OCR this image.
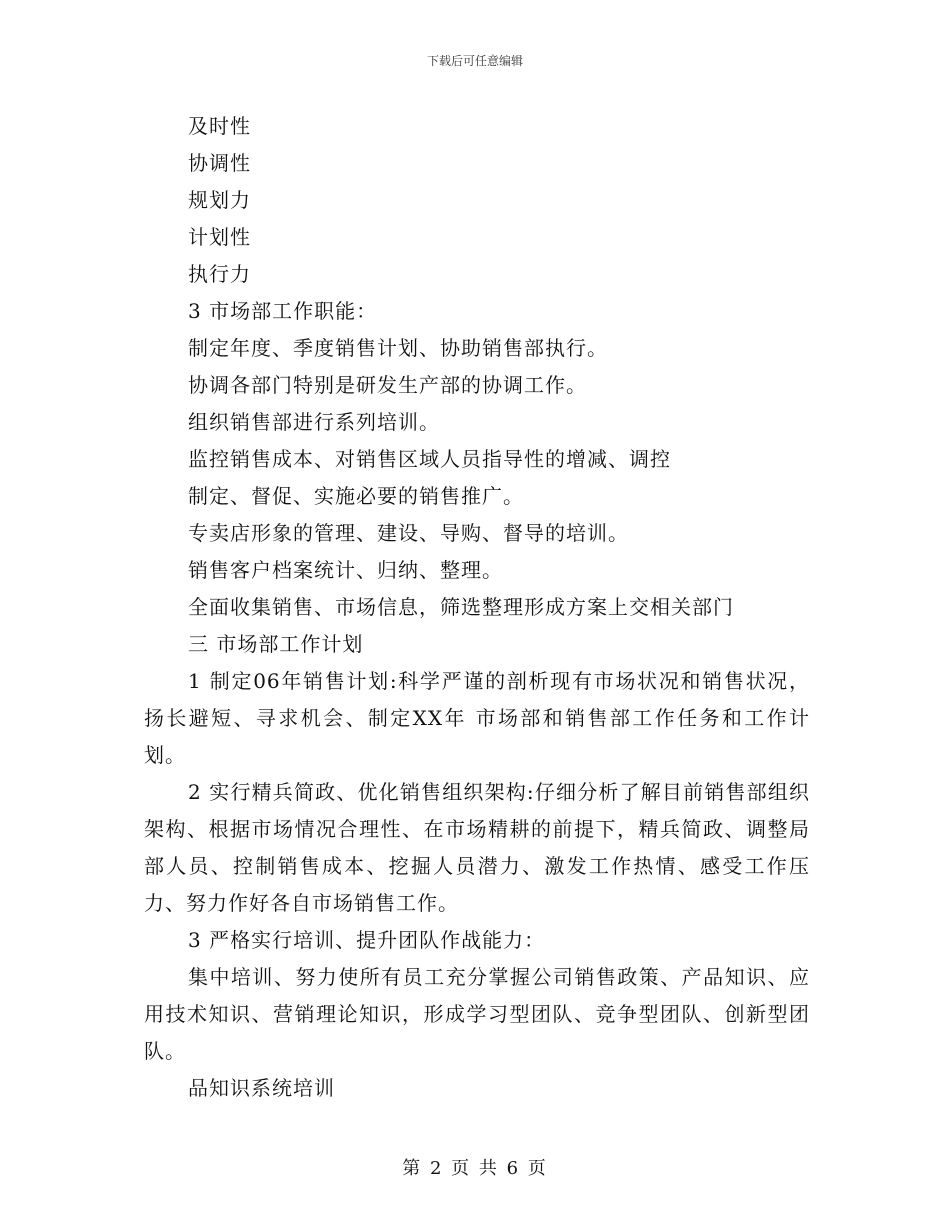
下载后可任意编辑
及时性
协调性
规划力
计划性
执行力
3 市场部工作职能：
制定年度、季度销售计划、协助销售部执行。
协调各部门特别是研发生产部的协调工作。
组织销售部进行系列培训。
监控销售成本、对销售区域人员指导性的增减、调控
制定、督促、实施必要的销售推广。
专卖店形象的管理、建设、导购、督导的培训。
销售客户档案统计、归纳、整理。
全面收集销售、市场信息，筛选整理形成方案上交相关部门
三 市场部工作计划
1 制定06年销售计划:科学严谨的剖析现有市场状况和销售状况，扬长避短、寻求机会、制定XX年 市场部和销售部工作任务和工作计划。
2 实行精兵简政、优化销售组织架构:仔细分析了解目前销售部组织架构、根据市场情况合理性、在市场精耕的前提下，精兵简政、调整局部人员、控制销售成本、挖掘人员潜力、激发工作热情、感受工作压力、努力作好各自市场销售工作。
3 严格实行培训、提升团队作战能力：
集中培训、努力使所有员工充分掌握公司销售政策、产品知识、应用技术知识、营销理论知识，形成学习型团队、竞争型团队、创新型团队。
品知识系统培训
第 2 页 共 6 页
